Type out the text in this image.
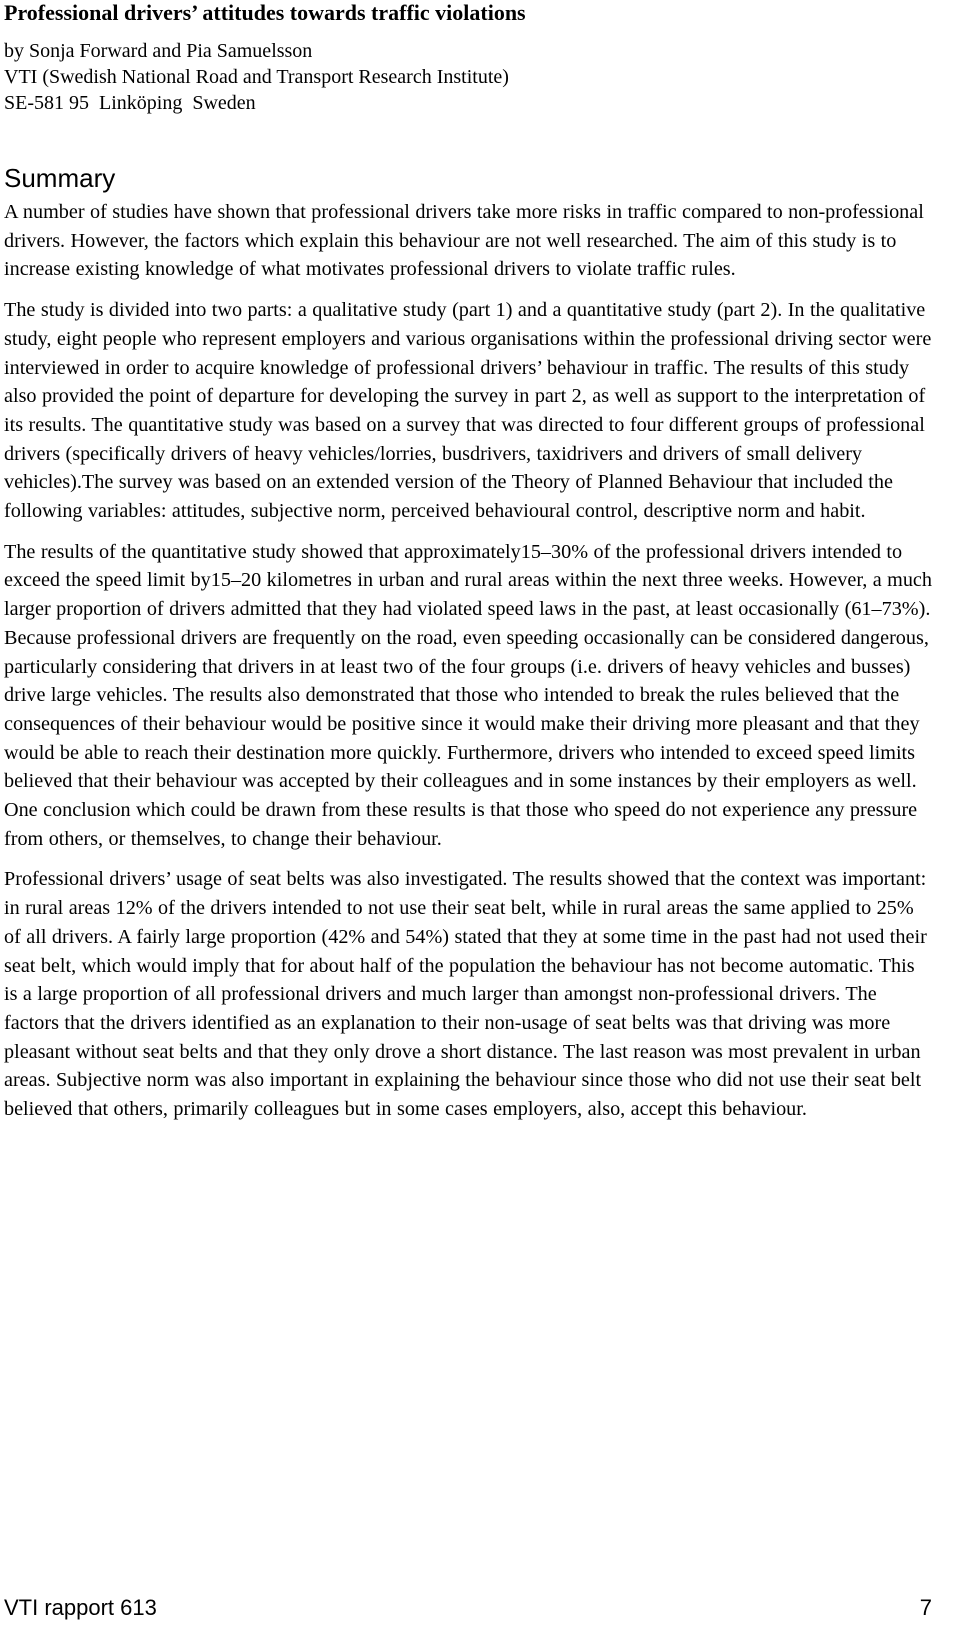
Professional drivers’ attitudes towards traffic violations
by Sonja Forward and Pia Samuelsson
VTI (Swedish National Road and Transport Research Institute)
SE-581 95  Linköping  Sweden
Summary

A number of studies have shown that professional drivers take more risks in traffic compared to non-professional drivers. However, the factors which explain this behaviour are not well researched. The aim of this study is to increase existing knowledge of what motivates professional drivers to violate traffic rules.

The study is divided into two parts: a qualitative study (part 1) and a quantitative study (part 2). In the qualitative study, eight people who represent employers and various organisations within the professional driving sector were interviewed in order to acquire knowledge of professional drivers’ behaviour in traffic. The results of this study also provided the point of departure for developing the survey in part 2, as well as support to the interpretation of its results. The quantitative study was based on a survey that was directed to four different groups of professional drivers (specifically drivers of heavy vehicles/lorries, busdrivers, taxidrivers and drivers of small delivery vehicles).The survey was based on an extended version of the Theory of Planned Behaviour that included the following variables: attitudes, subjective norm, perceived behavioural control, descriptive norm and habit.

The results of the quantitative study showed that approximately15–30% of the professional drivers intended to exceed the speed limit by15–20 kilometres in urban and rural areas within the next three weeks. However, a much larger proportion of drivers admitted that they had violated speed laws in the past, at least occasionally (61–73%). Because professional drivers are frequently on the road, even speeding occasionally can be considered dangerous, particularly considering that drivers in at least two of the four groups (i.e. drivers of heavy vehicles and busses) drive large vehicles. The results also demonstrated that those who intended to break the rules believed that the consequences of their behaviour would be positive since it would make their driving more pleasant and that they would be able to reach their destination more quickly. Furthermore, drivers who intended to exceed speed limits believed that their behaviour was accepted by their colleagues and in some instances by their employers as well. One conclusion which could be drawn from these results is that those who speed do not experience any pressure from others, or themselves, to change their behaviour.

Professional drivers’ usage of seat belts was also investigated. The results showed that the context was important: in rural areas 12% of the drivers intended to not use their seat belt, while in rural areas the same applied to 25% of all drivers. A fairly large proportion (42% and 54%) stated that they at some time in the past had not used their seat belt, which would imply that for about half of the population the behaviour has not become automatic. This is a large proportion of all professional drivers and much larger than amongst non-professional drivers. The factors that the drivers identified as an explanation to their non-usage of seat belts was that driving was more pleasant without seat belts and that they only drove a short distance. The last reason was most prevalent in urban areas. Subjective norm was also important in explaining the behaviour since those who did not use their seat belt believed that others, primarily colleagues but in some cases employers, also, accept this behaviour.

VTI rapport 613	7
